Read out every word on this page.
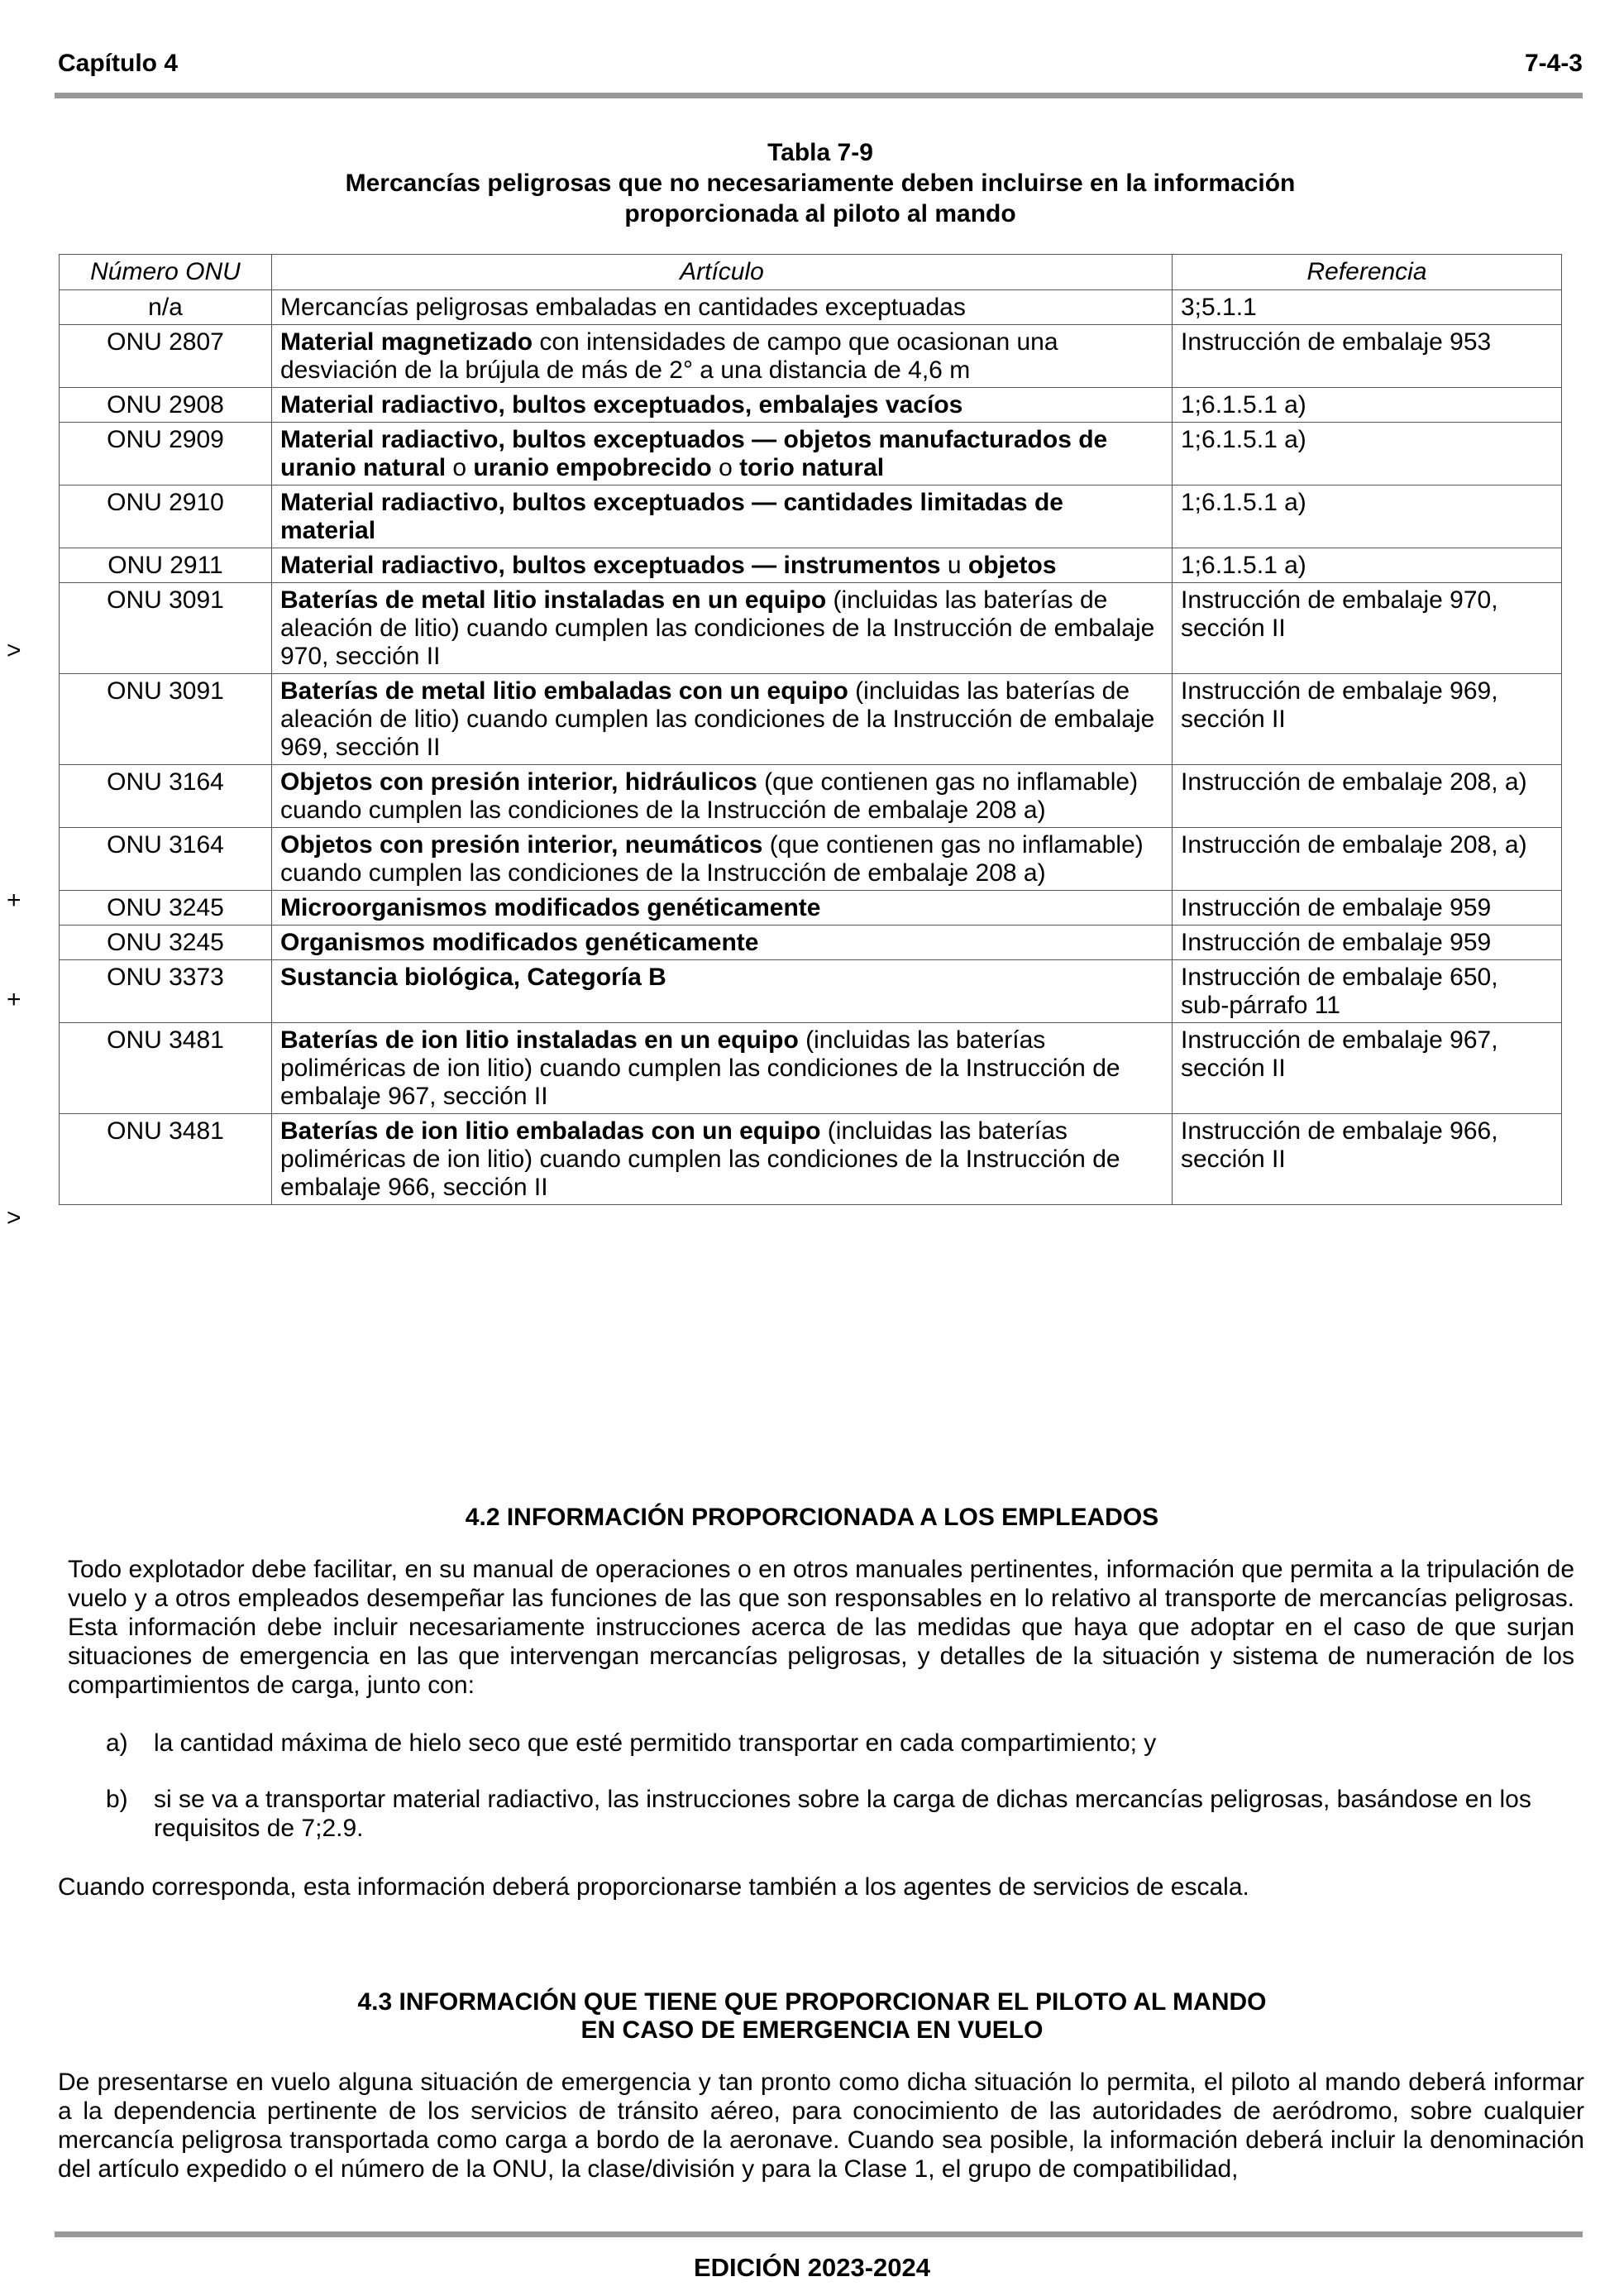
Capítulo 4	7-4-3
Tabla 7-9
Mercancías peligrosas que no necesariamente deben incluirse en la información
proporcionada al piloto al mando
Número ONU	Artículo	Referencia
n/a	Mercancías peligrosas embaladas en cantidades exceptuadas	3;5.1.1
ONU 2807	Material magnetizado con intensidades de campo que ocasionan una desviación de la brújula de más de 2° a una distancia de 4,6 m	Instrucción de embalaje 953
ONU 2908	Material radiactivo, bultos exceptuados, embalajes vacíos	1;6.1.5.1 a)
ONU 2909	Material radiactivo, bultos exceptuados — objetos manufacturados de uranio natural o uranio empobrecido o torio natural	1;6.1.5.1 a)
ONU 2910	Material radiactivo, bultos exceptuados — cantidades limitadas de material	1;6.1.5.1 a)
ONU 2911	Material radiactivo, bultos exceptuados — instrumentos u objetos	1;6.1.5.1 a)
ONU 3091	Baterías de metal litio instaladas en un equipo (incluidas las baterías de aleación de litio) cuando cumplen las condiciones de la Instrucción de embalaje 970, sección II	Instrucción de embalaje 970, sección II
ONU 3091	Baterías de metal litio embaladas con un equipo (incluidas las baterías de aleación de litio) cuando cumplen las condiciones de la Instrucción de embalaje 969, sección II	Instrucción de embalaje 969, sección II
ONU 3164	Objetos con presión interior, hidráulicos (que contienen gas no inflamable) cuando cumplen las condiciones de la Instrucción de embalaje 208 a)	Instrucción de embalaje 208, a)
ONU 3164	Objetos con presión interior, neumáticos (que contienen gas no inflamable) cuando cumplen las condiciones de la Instrucción de embalaje 208 a)	Instrucción de embalaje 208, a)
ONU 3245	Microorganismos modificados genéticamente	Instrucción de embalaje 959
ONU 3245	Organismos modificados genéticamente	Instrucción de embalaje 959
ONU 3373	Sustancia biológica, Categoría B	Instrucción de embalaje 650, sub-párrafo 11
ONU 3481	Baterías de ion litio instaladas en un equipo (incluidas las baterías poliméricas de ion litio) cuando cumplen las condiciones de la Instrucción de embalaje 967, sección II	Instrucción de embalaje 967, sección II
ONU 3481	Baterías de ion litio embaladas con un equipo (incluidas las baterías poliméricas de ion litio) cuando cumplen las condiciones de la Instrucción de embalaje 966, sección II	Instrucción de embalaje 966, sección II
>
+
+
>
4.2 INFORMACIÓN PROPORCIONADA A LOS EMPLEADOS
Todo explotador debe facilitar, en su manual de operaciones o en otros manuales pertinentes, información que permita a la tripulación de vuelo y a otros empleados desempeñar las funciones de las que son responsables en lo relativo al transporte de mercancías peligrosas. Esta información debe incluir necesariamente instrucciones acerca de las medidas que haya que adoptar en el caso de que surjan situaciones de emergencia en las que intervengan mercancías peligrosas, y detalles de la situación y sistema de numeración de los compartimientos de carga, junto con:
a) la cantidad máxima de hielo seco que esté permitido transportar en cada compartimiento; y
b) si se va a transportar material radiactivo, las instrucciones sobre la carga de dichas mercancías peligrosas, basándose en los requisitos de 7;2.9.
Cuando corresponda, esta información deberá proporcionarse también a los agentes de servicios de escala.
4.3 INFORMACIÓN QUE TIENE QUE PROPORCIONAR EL PILOTO AL MANDO
EN CASO DE EMERGENCIA EN VUELO
De presentarse en vuelo alguna situación de emergencia y tan pronto como dicha situación lo permita, el piloto al mando deberá informar a la dependencia pertinente de los servicios de tránsito aéreo, para conocimiento de las autoridades de aeródromo, sobre cualquier mercancía peligrosa transportada como carga a bordo de la aeronave. Cuando sea posible, la información deberá incluir la denominación del artículo expedido o el número de la ONU, la clase/división y para la Clase 1, el grupo de compatibilidad,
EDICIÓN 2023-2024
